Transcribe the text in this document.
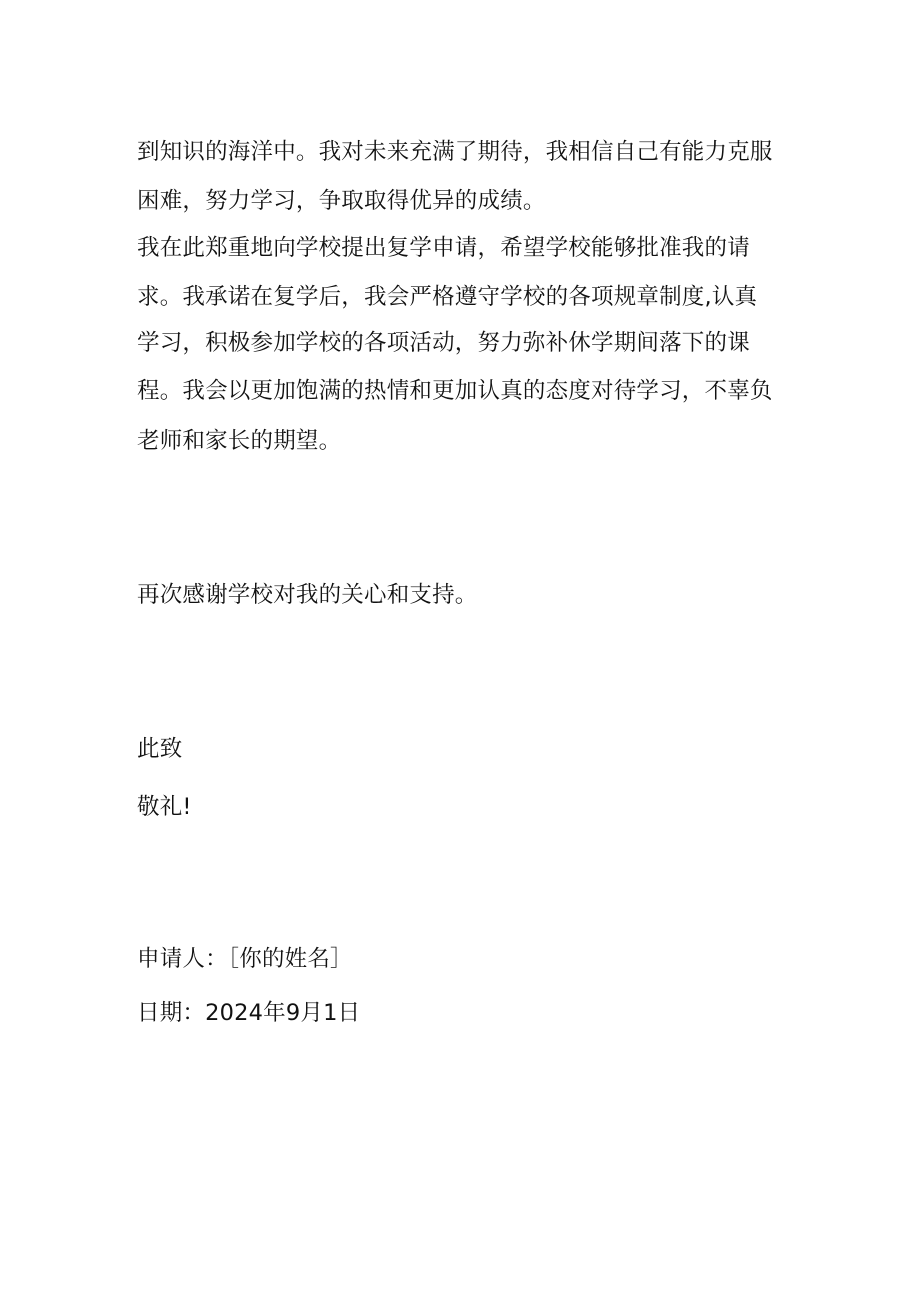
到知识的海洋中。我对未来充满了期待，我相信自己有能力克服
困难，努力学习，争取取得优异的成绩。
我在此郑重地向学校提出复学申请，希望学校能够批准我的请
求。我承诺在复学后，我会严格遵守学校的各项规章制度,认真
学习，积极参加学校的各项活动，努力弥补休学期间落下的课
程。我会以更加饱满的热情和更加认真的态度对待学习，不辜负
老师和家长的期望。
再次感谢学校对我的关心和支持。
此致
敬礼!
申请人：［你的姓名］
日期：2024年9月1日
